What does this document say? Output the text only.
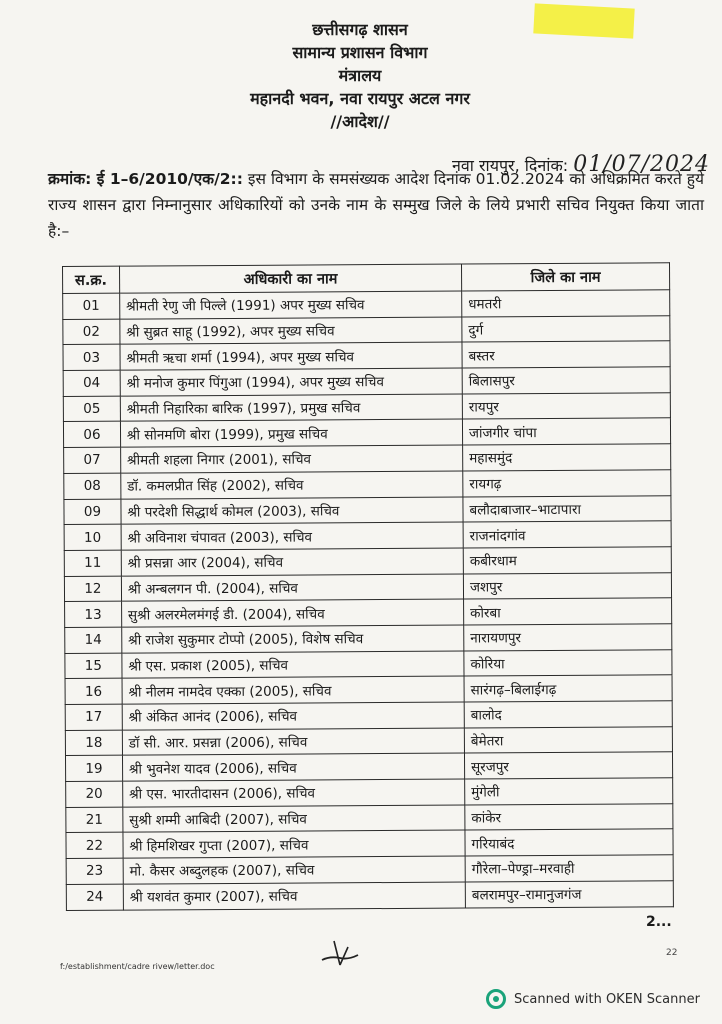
छत्तीसगढ़ शासन
सामान्य प्रशासन विभाग
मंत्रालय
महानदी भवन, नवा रायपुर अटल नगर
//आदेश//
नवा रायपुर, दिनांक: 01/07/2024
क्रमांक: ई 1–6/2010/एक/2:: इस विभाग के समसंख्यक आदेश दिनांक 01.02.2024 को अधिक्रमित करते हुये राज्य शासन द्वारा निम्नानुसार अधिकारियों को उनके नाम के सम्मुख जिले के लिये प्रभारी सचिव नियुक्त किया जाता है:–
स.क्र.	अधिकारी का नाम	जिले का नाम
01	श्रीमती रेणु जी पिल्ले (1991) अपर मुख्य सचिव	धमतरी
02	श्री सुब्रत साहू (1992), अपर मुख्य सचिव	दुर्ग
03	श्रीमती ऋचा शर्मा (1994), अपर मुख्य सचिव	बस्तर
04	श्री मनोज कुमार पिंगुआ (1994), अपर मुख्य सचिव	बिलासपुर
05	श्रीमती निहारिका बारिक (1997), प्रमुख सचिव	रायपुर
06	श्री सोनमणि बोरा (1999), प्रमुख सचिव	जांजगीर चांपा
07	श्रीमती शहला निगार (2001), सचिव	महासमुंद
08	डॉ. कमलप्रीत सिंह (2002), सचिव	रायगढ़
09	श्री परदेशी सिद्धार्थ कोमल (2003), सचिव	बलौदाबाजार–भाटापारा
10	श्री अविनाश चंपावत (2003), सचिव	राजनांदगांव
11	श्री प्रसन्ना आर (2004), सचिव	कबीरधाम
12	श्री अन्बलगन पी. (2004), सचिव	जशपुर
13	सुश्री अलरमेलमंगई डी. (2004), सचिव	कोरबा
14	श्री राजेश सुकुमार टोप्पो (2005), विशेष सचिव	नारायणपुर
15	श्री एस. प्रकाश (2005), सचिव	कोरिया
16	श्री नीलम नामदेव एक्का (2005), सचिव	सारंगढ़–बिलाईगढ़
17	श्री अंकित आनंद (2006), सचिव	बालोद
18	डॉ सी. आर. प्रसन्ना (2006), सचिव	बेमेतरा
19	श्री भुवनेश यादव (2006), सचिव	सूरजपुर
20	श्री एस. भारतीदासन (2006), सचिव	मुंगेली
21	सुश्री शम्मी आबिदी (2007), सचिव	कांकेर
22	श्री हिमशिखर गुप्ता (2007), सचिव	गरियाबंद
23	मो. कैसर अब्दुलहक (2007), सचिव	गौरेला–पेण्ड्रा–मरवाही
24	श्री यशवंत कुमार (2007), सचिव	बलरामपुर–रामानुजगंज
2...
f:/establishment/cadre rivew/letter.doc
22
Scanned with OKEN Scanner
